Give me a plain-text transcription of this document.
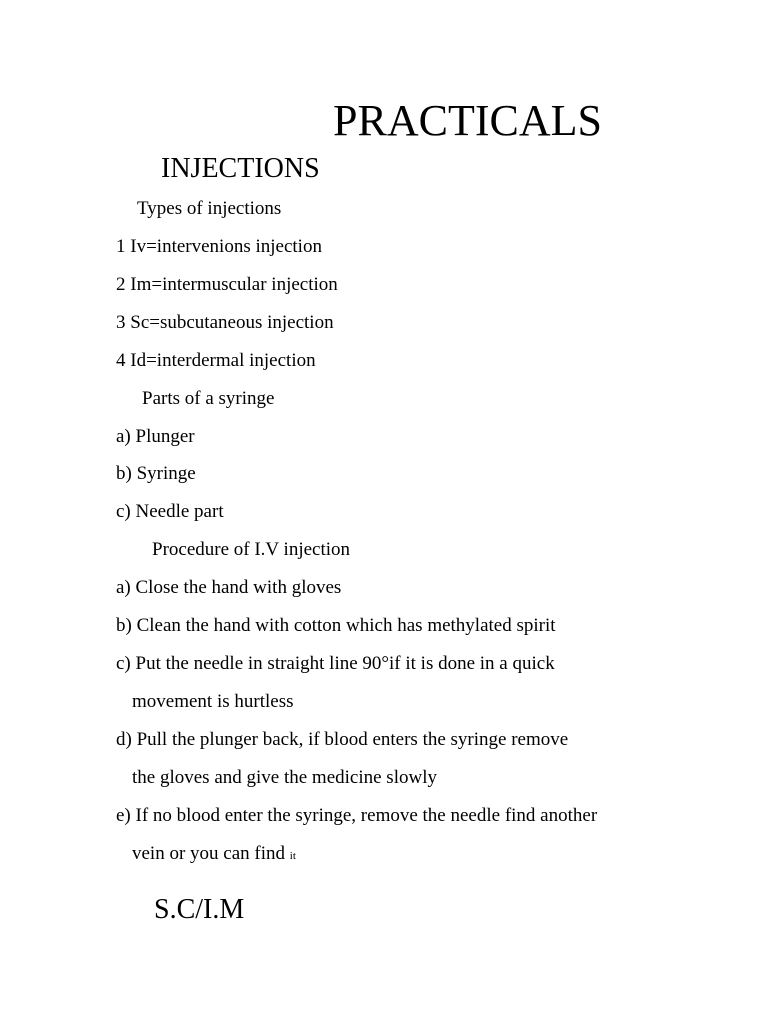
PRACTICALS
INJECTIONS
Types of injections
1 Iv=intervenions injection
2 Im=intermuscular injection
3 Sc=subcutaneous injection
4 Id=interdermal injection
Parts of a syringe
a) Plunger
b) Syringe
c) Needle part
Procedure of I.V injection
a) Close the hand with gloves
b) Clean the hand with cotton which has methylated spirit
c) Put the needle in straight line 90°if it is done in a quick
movement is hurtless
d) Pull the plunger back, if blood enters the syringe remove
the gloves and give the medicine slowly
e) If no blood enter the syringe, remove the needle find another
vein or you can find it
S.C/I.M
